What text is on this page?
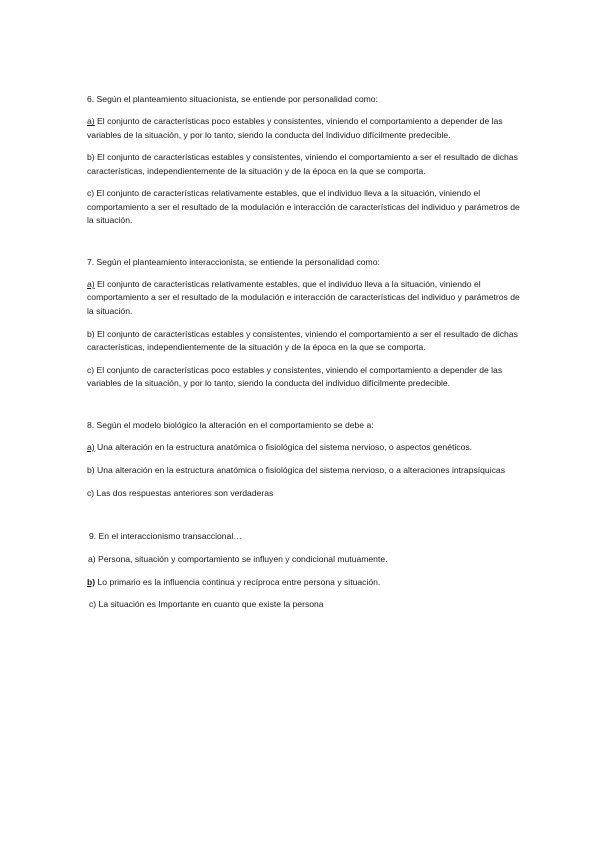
6. Según el planteamiento situacionista, se entiende por personalidad como:

a) El conjunto de características poco estables y consistentes, viniendo el comportamiento a depender de las variables de la situación, y por lo tanto, siendo la conducta del Individuo difícilmente predecible.

b) El conjunto de características estables y consistentes, viniendo el comportamiento a ser el resultado de dichas características, independientemente de la situación y de la época en la que se comporta.

c) El conjunto de características relativamente estables, que el individuo lleva a la situación, viniendo el comportamiento a ser el resultado de la modulación e interacción de características del individuo y parámetros de la situación.

7. Según el planteamiento interaccionista, se entiende la personalidad como:

a) El conjunto de características relativamente estables, que el individuo lleva a la situación, viniendo el comportamiento a ser el resultado de la modulación e interacción de características del individuo y parámetros de la situación.

b) El conjunto de características estables y consistentes, viniendo el comportamiento a ser el resultado de dichas características, independientemente de la situación y de la época en la que se comporta.

c) El conjunto de características poco estables y consistentes, viniendo el comportamiento a depender de las variables de la situación, y por lo tanto, siendo la conducta del individuo difícilmente predecible.

8. Según el modelo biológico la alteración en el comportamiento se debe a:

a) Una alteración en la estructura anatómica o fisiológica del sistema nervioso, o aspectos genéticos.

b) Una alteración en la estructura anatómica o fisiológica del sistema nervioso, o a alteraciones intrapsíquicas

c) Las dos respuestas anteriores son verdaderas

9. En el interaccionismo transaccional…

a) Persona, situación y comportamiento se influyen y condicional mutuamente.

b) Lo primario es la influencia continua y recíproca entre persona y situación.

c) La situación es Importante en cuanto que existe la persona
